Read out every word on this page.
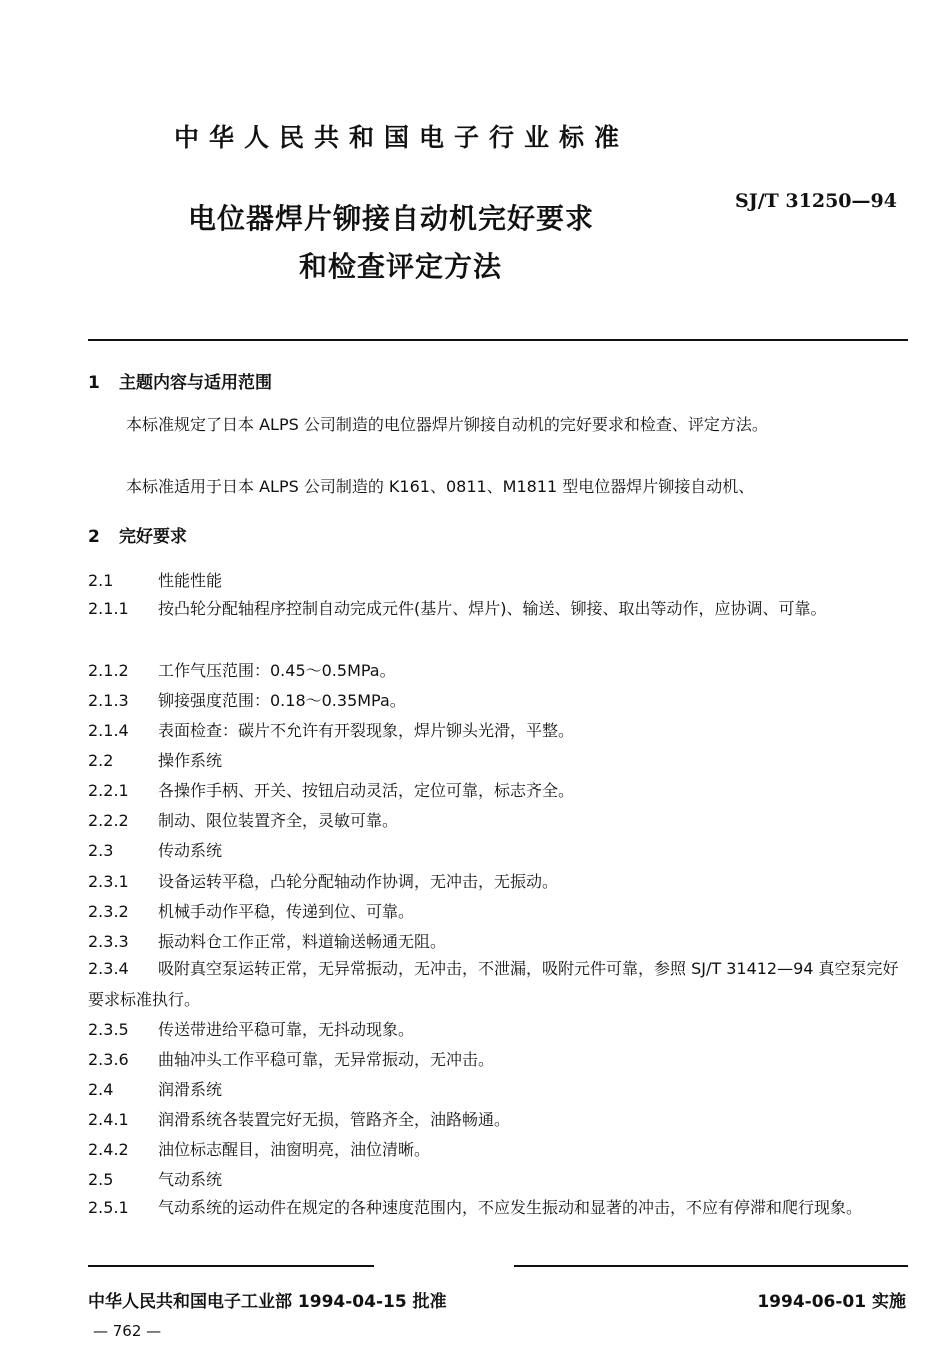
中华人民共和国电子行业标准
电位器焊片铆接自动机完好要求
和检查评定方法
SJ/T 31250—94
1 主题内容与适用范围
本标准规定了日本 ALPS 公司制造的电位器焊片铆接自动机的完好要求和检查、评定方法。
本标准适用于日本 ALPS 公司制造的 K161、0811、M1811 型电位器焊片铆接自动机、
2 完好要求
2.1	性能性能
2.1.1 按凸轮分配轴程序控制自动完成元件(基片、焊片)、输送、铆接、取出等动作，应协调、可靠。
2.1.2 工作气压范围：0.45～0.5MPa。
2.1.3 铆接强度范围：0.18～0.35MPa。
2.1.4 表面检查：碳片不允许有开裂现象，焊片铆头光滑，平整。
2.2	操作系统
2.2.1 各操作手柄、开关、按钮启动灵活，定位可靠，标志齐全。
2.2.2 制动、限位装置齐全，灵敏可靠。
2.3	传动系统
2.3.1 设备运转平稳，凸轮分配轴动作协调，无冲击，无振动。
2.3.2 机械手动作平稳，传递到位、可靠。
2.3.3 振动料仓工作正常，料道输送畅通无阻。
2.3.4 吸附真空泵运转正常，无异常振动，无冲击，不泄漏，吸附元件可靠，参照 SJ/T 31412—94 真空泵完好要求标准执行。
2.3.5 传送带进给平稳可靠，无抖动现象。
2.3.6 曲轴冲头工作平稳可靠，无异常振动，无冲击。
2.4	润滑系统
2.4.1 润滑系统各装置完好无损，管路齐全，油路畅通。
2.4.2 油位标志醒目，油窗明亮，油位清晰。
2.5	气动系统
2.5.1 气动系统的运动件在规定的各种速度范围内，不应发生振动和显著的冲击，不应有停滞和爬行现象。
中华人民共和国电子工业部 1994-04-15 批准	1994-06-01 实施
— 762 —
